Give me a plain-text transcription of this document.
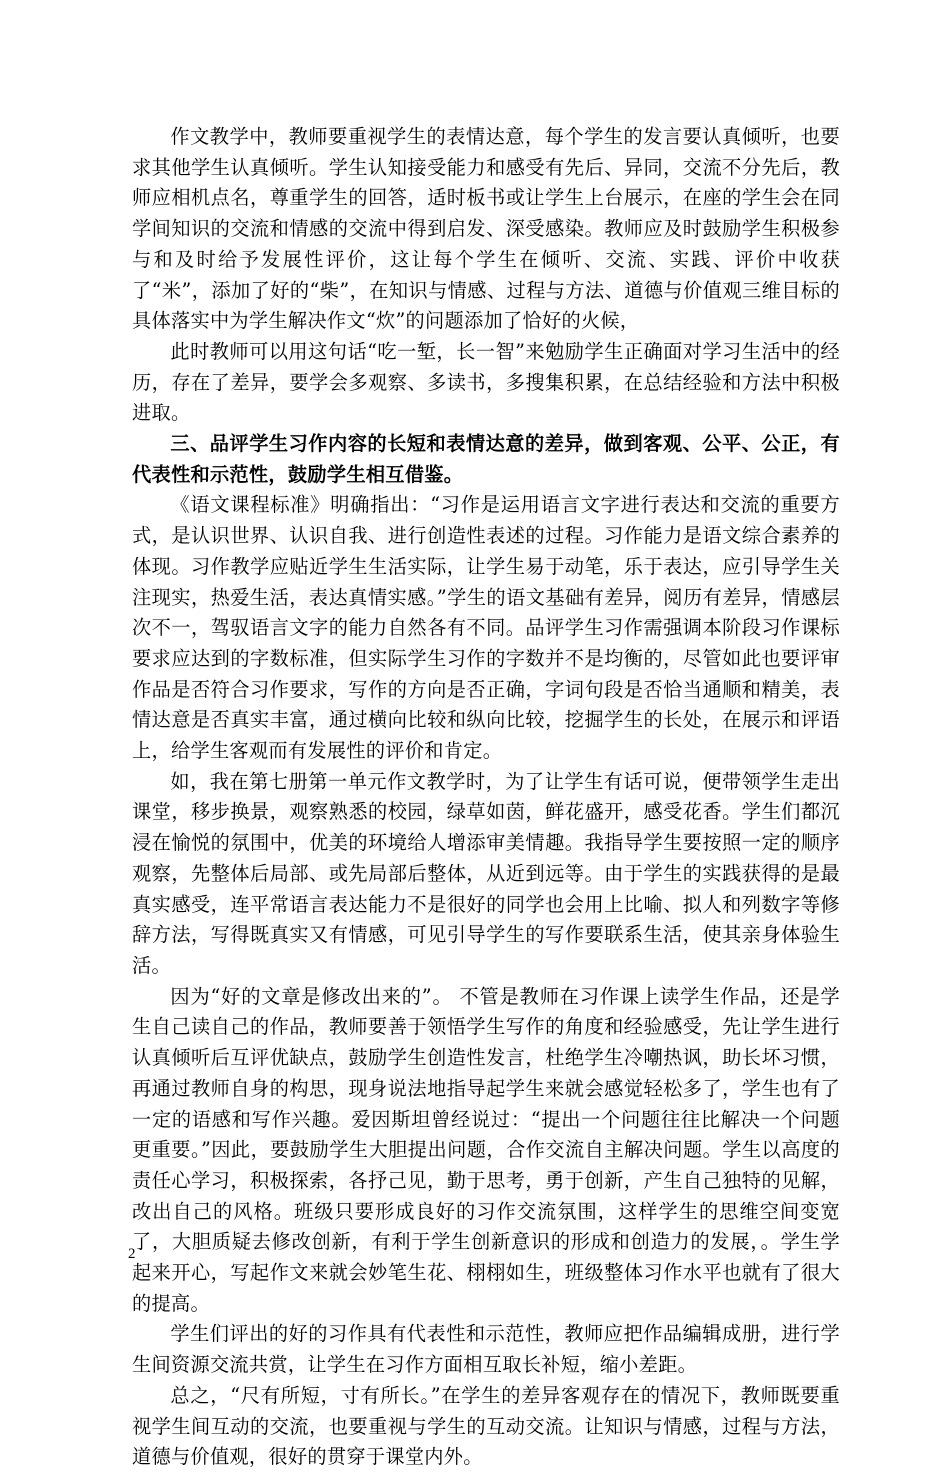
作文教学中，教师要重视学生的表情达意，每个学生的发言要认真倾听，也要求其他学生认真倾听。学生认知接受能力和感受有先后、异同，交流不分先后，教师应相机点名，尊重学生的回答，适时板书或让学生上台展示，在座的学生会在同学间知识的交流和情感的交流中得到启发、深受感染。教师应及时鼓励学生积极参与和及时给予发展性评价，这让每个学生在倾听、交流、实践、评价中收获了“米”，添加了好的“柴”，在知识与情感、过程与方法、道德与价值观三维目标的具体落实中为学生解决作文“炊”的问题添加了恰好的火候，

此时教师可以用这句话“吃一堑，长一智”来勉励学生正确面对学习生活中的经历，存在了差异，要学会多观察、多读书，多搜集积累，在总结经验和方法中积极进取。

三、品评学生习作内容的长短和表情达意的差异，做到客观、公平、公正，有代表性和示范性，鼓励学生相互借鉴。

《语文课程标准》明确指出：“习作是运用语言文字进行表达和交流的重要方式，是认识世界、认识自我、进行创造性表述的过程。习作能力是语文综合素养的体现。习作教学应贴近学生生活实际，让学生易于动笔，乐于表达，应引导学生关注现实，热爱生活，表达真情实感。”学生的语文基础有差异，阅历有差异，情感层次不一，驾驭语言文字的能力自然各有不同。品评学生习作需强调本阶段习作课标要求应达到的字数标准，但实际学生习作的字数并不是均衡的，尽管如此也要评审作品是否符合习作要求，写作的方向是否正确，字词句段是否恰当通顺和精美，表情达意是否真实丰富，通过横向比较和纵向比较，挖掘学生的长处，在展示和评语上，给学生客观而有发展性的评价和肯定。

如，我在第七册第一单元作文教学时，为了让学生有话可说，便带领学生走出课堂，移步换景，观察熟悉的校园，绿草如茵，鲜花盛开，感受花香。学生们都沉浸在愉悦的氛围中，优美的环境给人增添审美情趣。我指导学生要按照一定的顺序观察，先整体后局部、或先局部后整体，从近到远等。由于学生的实践获得的是最真实感受，连平常语言表达能力不是很好的同学也会用上比喻、拟人和列数字等修辞方法，写得既真实又有情感，可见引导学生的写作要联系生活，使其亲身体验生活。

因为“好的文章是修改出来的”。 不管是教师在习作课上读学生作品，还是学生自己读自己的作品，教师要善于领悟学生写作的角度和经验感受，先让学生进行认真倾听后互评优缺点，鼓励学生创造性发言，杜绝学生冷嘲热讽，助长坏习惯，再通过教师自身的构思，现身说法地指导起学生来就会感觉轻松多了，学生也有了一定的语感和写作兴趣。爱因斯坦曾经说过：“提出一个问题往往比解决一个问题更重要。”因此，要鼓励学生大胆提出问题，合作交流自主解决问题。学生以高度的责任心学习，积极探索，各抒己见，勤于思考，勇于创新，产生自己独特的见解，改出自己的风格。班级只要形成良好的习作交流氛围，这样学生的思维空间变宽了，大胆质疑去修改创新，有利于学生创新意识的形成和创造力的发展，。学生学起来开心，写起作文来就会妙笔生花、栩栩如生，班级整体习作水平也就有了很大的提高。

学生们评出的好的习作具有代表性和示范性，教师应把作品编辑成册，进行学生间资源交流共赏，让学生在习作方面相互取长补短，缩小差距。

总之，“尺有所短，寸有所长。”在学生的差异客观存在的情况下，教师既要重视学生间互动的交流，也要重视与学生的互动交流。让知识与情感，过程与方法，道德与价值观，很好的贯穿于课堂内外。

2
